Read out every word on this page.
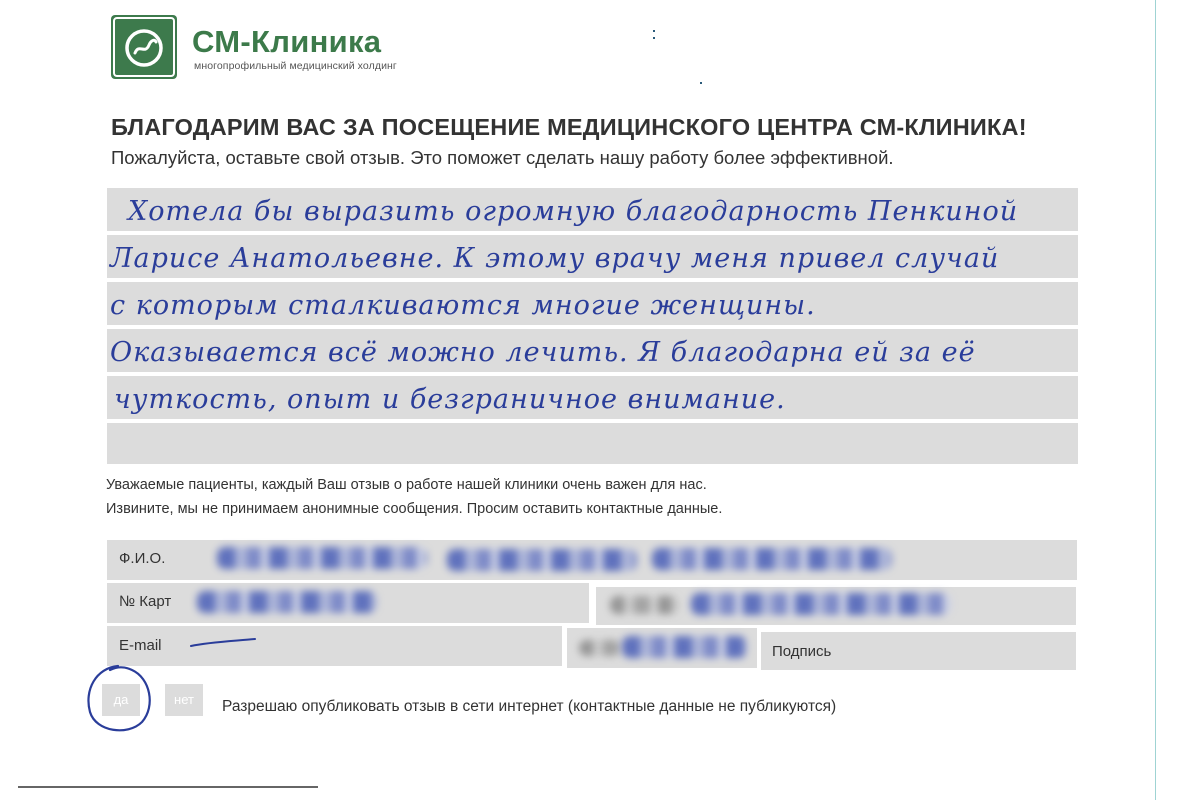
СМ-Клиника
многопрофильный медицинский холдинг
БЛАГОДАРИМ ВАС ЗА ПОСЕЩЕНИЕ МЕДИЦИНСКОГО ЦЕНТРА СМ-КЛИНИКА!
Пожалуйста, оставьте свой отзыв. Это поможет сделать нашу работу более эффективной.
Хотела бы выразить огромную благодарность Пенкиной
Ларисе Анатольевне. К этому врачу меня привел случай
с которым сталкиваются многие женщины.
Оказывается всё можно лечить. Я благодарна ей за её
чуткость, опыт и безграничное внимание.
Уважаемые пациенты, каждый Ваш отзыв о работе нашей клиники очень важен для нас.
Извините, мы не принимаем анонимные сообщения. Просим оставить контактные данные.
Ф.И.О.
№ Карт
E-mail	Подпись
да	нет	Разрешаю опубликовать отзыв в сети интернет (контактные данные не публикуются)
